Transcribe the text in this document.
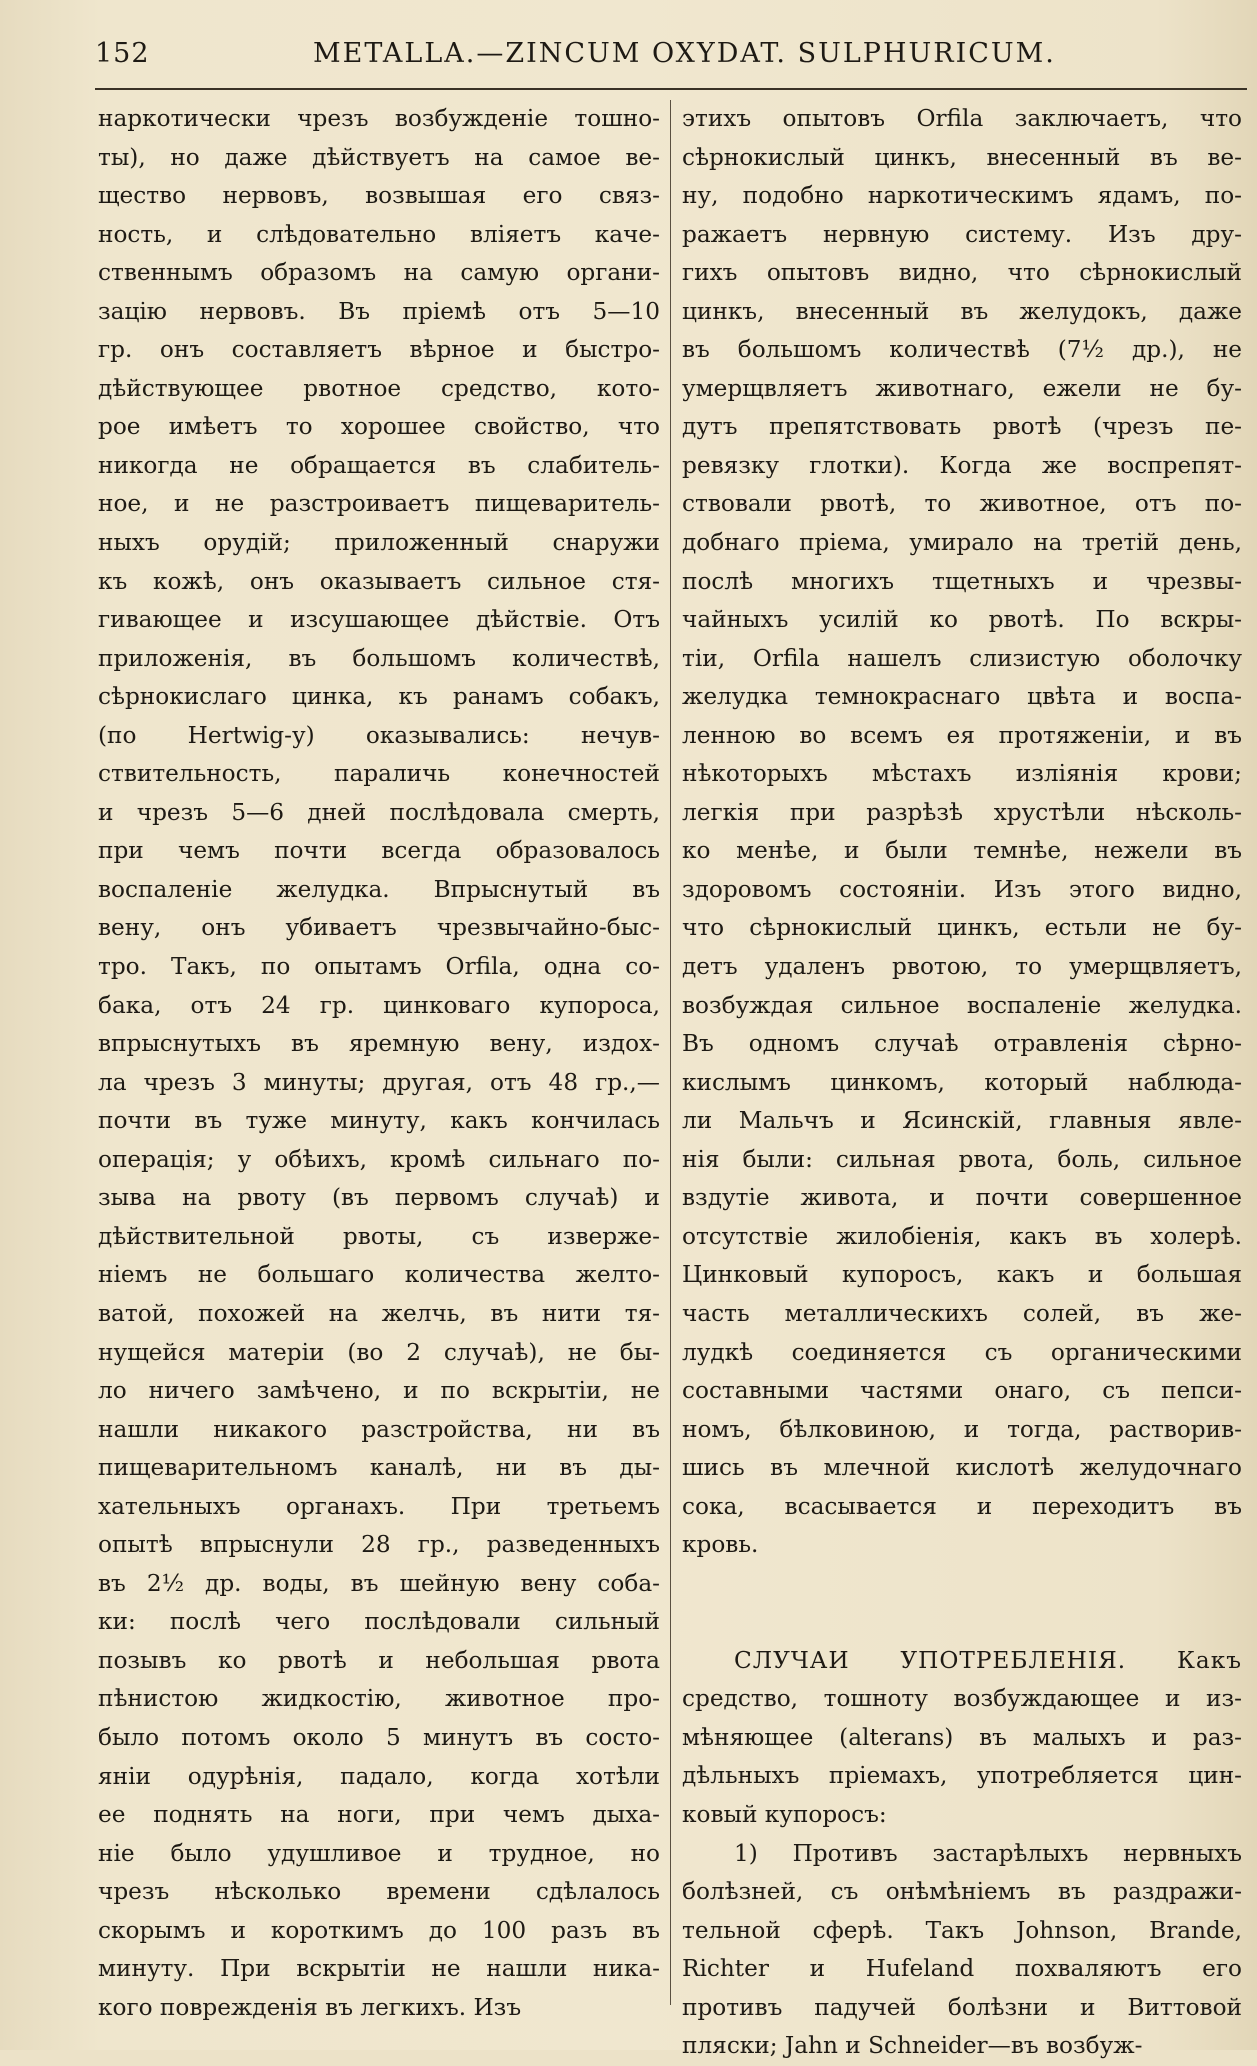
152	METALLA.—ZINCUM OXYDAT. SULPHURICUM.
наркотически чрезъ возбужденіе тошно-
ты), но даже дѣйствуетъ на самое ве-
щество нервовъ, возвышая его связ-
ность, и слѣдовательно вліяетъ каче-
ственнымъ образомъ на самую органи-
зацію нервовъ. Въ пріемѣ отъ 5—10
гр. онъ составляетъ вѣрное и быстро-
дѣйствующее рвотное средство, кото-
рое имѣетъ то хорошее свойство, что
никогда не обращается въ слабитель-
ное, и не разстроиваетъ пищеваритель-
ныхъ орудій; приложенный снаружи
къ кожѣ, онъ оказываетъ сильное стя-
гивающее и изсушающее дѣйствіе. Отъ
приложенія, въ большомъ количествѣ,
сѣрнокислаго цинка, къ ранамъ собакъ,
(по Hertwig-у) оказывались: нечув-
ствительность, параличь конечностей
и чрезъ 5—6 дней послѣдовала смерть,
при чемъ почти всегда образовалось
воспаленіе желудка. Впрыснутый въ
вену, онъ убиваетъ чрезвычайно-быс-
тро. Такъ, по опытамъ Orfila, одна со-
бака, отъ 24 гр. цинковаго купороса,
впрыснутыхъ въ яремную вену, издох-
ла чрезъ 3 минуты; другая, отъ 48 гр.,—
почти въ туже минуту, какъ кончилась
операція; у обѣихъ, кромѣ сильнаго по-
зыва на рвоту (въ первомъ случаѣ) и
дѣйствительной рвоты, съ изверже-
ніемъ не большаго количества желто-
ватой, похожей на желчь, въ нити тя-
нущейся матеріи (во 2 случаѣ), не бы-
ло ничего замѣчено, и по вскрытіи, не
нашли никакого разстройства, ни въ
пищеварительномъ каналѣ, ни въ ды-
хательныхъ органахъ. При третьемъ
опытѣ впрыснули 28 гр., разведенныхъ
въ 2½ др. воды, въ шейную вену соба-
ки: послѣ чего послѣдовали сильный
позывъ ко рвотѣ и небольшая рвота
пѣнистою жидкостію, животное про-
было потомъ около 5 минутъ въ состо-
яніи одурѣнія, падало, когда хотѣли
ее поднять на ноги, при чемъ дыха-
ніе было удушливое и трудное, но
чрезъ нѣсколько времени сдѣлалось
скорымъ и короткимъ до 100 разъ въ
минуту. При вскрытіи не нашли ника-
кого поврежденія въ легкихъ. Изъ
этихъ опытовъ Orfila заключаетъ, что
сѣрнокислый цинкъ, внесенный въ ве-
ну, подобно наркотическимъ ядамъ, по-
ражаетъ нервную систему. Изъ дру-
гихъ опытовъ видно, что сѣрнокислый
цинкъ, внесенный въ желудокъ, даже
въ большомъ количествѣ (7½ др.), не
умерщвляетъ животнаго, ежели не бу-
дутъ препятствовать рвотѣ (чрезъ пе-
ревязку глотки). Когда же воспрепят-
ствовали рвотѣ, то животное, отъ по-
добнаго пріема, умирало на третій день,
послѣ многихъ тщетныхъ и чрезвы-
чайныхъ усилій ко рвотѣ. По вскры-
тіи, Orfila нашелъ слизистую оболочку
желудка темнокраснаго цвѣта и воспа-
ленною во всемъ ея протяженіи, и въ
нѣкоторыхъ мѣстахъ изліянія крови;
легкія при разрѣзѣ хрустѣли нѣсколь-
ко менѣе, и были темнѣе, нежели въ
здоровомъ состояніи. Изъ этого видно,
что сѣрнокислый цинкъ, естьли не бу-
детъ удаленъ рвотою, то умерщвляетъ,
возбуждая сильное воспаленіе желудка.
Въ одномъ случаѣ отравленія сѣрно-
кислымъ цинкомъ, который наблюда-
ли Мальчъ и Ясинскій, главныя явле-
нія были: сильная рвота, боль, сильное
вздутіе живота, и почти совершенное
отсутствіе жилобіенія, какъ въ холерѣ.
Цинковый купоросъ, какъ и большая
часть металлическихъ солей, въ же-
лудкѣ соединяется съ органическими
составными частями онаго, съ пепси-
номъ, бѣлковиною, и тогда, растворив-
шись въ млечной кислотѣ желудочнаго
сока, всасывается и переходитъ въ
кровь.
СЛУЧАИ УПОТРЕБЛЕНІЯ. Какъ
средство, тошноту возбуждающее и из-
мѣняющее (alterans) въ малыхъ и раз-
дѣльныхъ пріемахъ, употребляется цин-
ковый купоросъ:
1) Противъ застарѣлыхъ нервныхъ
болѣзней, съ онѣмѣніемъ въ раздражи-
тельной сферѣ. Такъ Johnson, Brande,
Richter и Hufeland похваляютъ его
противъ падучей болѣзни и Виттовой
пляски; Jahn и Schneider—въ возбуж-
